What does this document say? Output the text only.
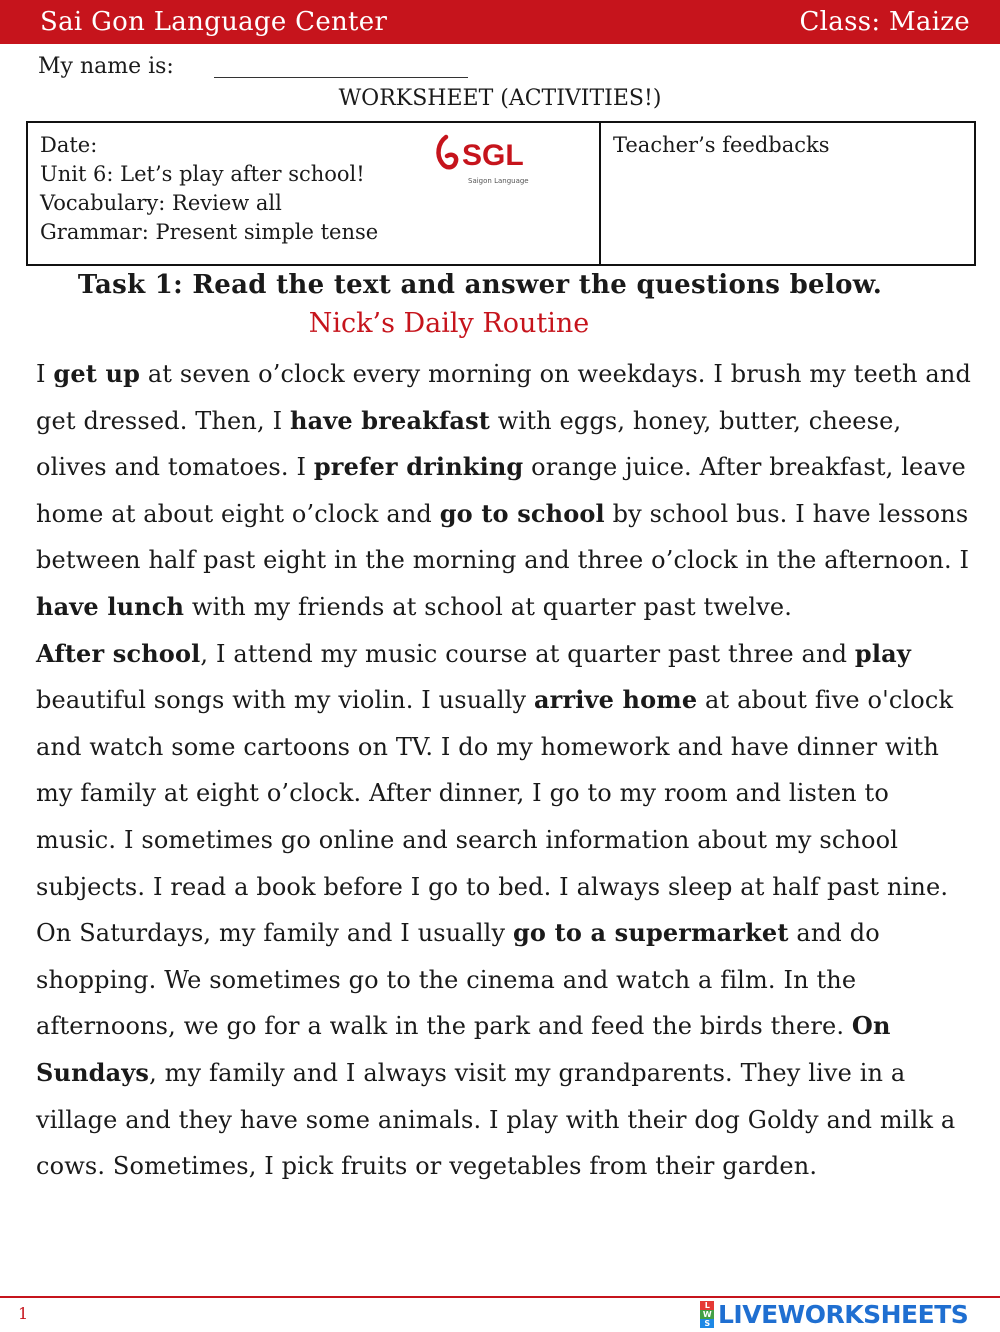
Sai Gon Language Center	Class: Maize
My name is:
WORKSHEET (ACTIVITIES!)
Date:
Unit 6: Let’s play after school!
Vocabulary: Review all
Grammar: Present simple tense
SGL
Saigon Language
Teacher’s feedbacks
Task 1: Read the text and answer the questions below.
Nick’s Daily Routine

I get up at seven o’clock every morning on weekdays. I brush my teeth and get dressed. Then, I have breakfast with eggs, honey, butter, cheese, olives and tomatoes. I prefer drinking orange juice. After breakfast, leave home at about eight o’clock and go to school by school bus. I have lessons between half past eight in the morning and three o’clock in the afternoon. I have lunch with my friends at school at quarter past twelve.

After school, I attend my music course at quarter past three and play beautiful songs with my violin. I usually arrive home at about five o'clock and watch some cartoons on TV. I do my homework and have dinner with my family at eight o’clock. After dinner, I go to my room and listen to music. I sometimes go online and search information about my school subjects. I read a book before I go to bed. I always sleep at half past nine.

On Saturdays, my family and I usually go to a supermarket and do shopping. We sometimes go to the cinema and watch a film. In the afternoons, we go for a walk in the park and feed the birds there. On Sundays, my family and I always visit my grandparents. They live in a village and they have some animals. I play with their dog Goldy and milk a cows. Sometimes, I pick fruits or vegetables from their garden.

1	L
W
S LIVEWORKSHEETS
